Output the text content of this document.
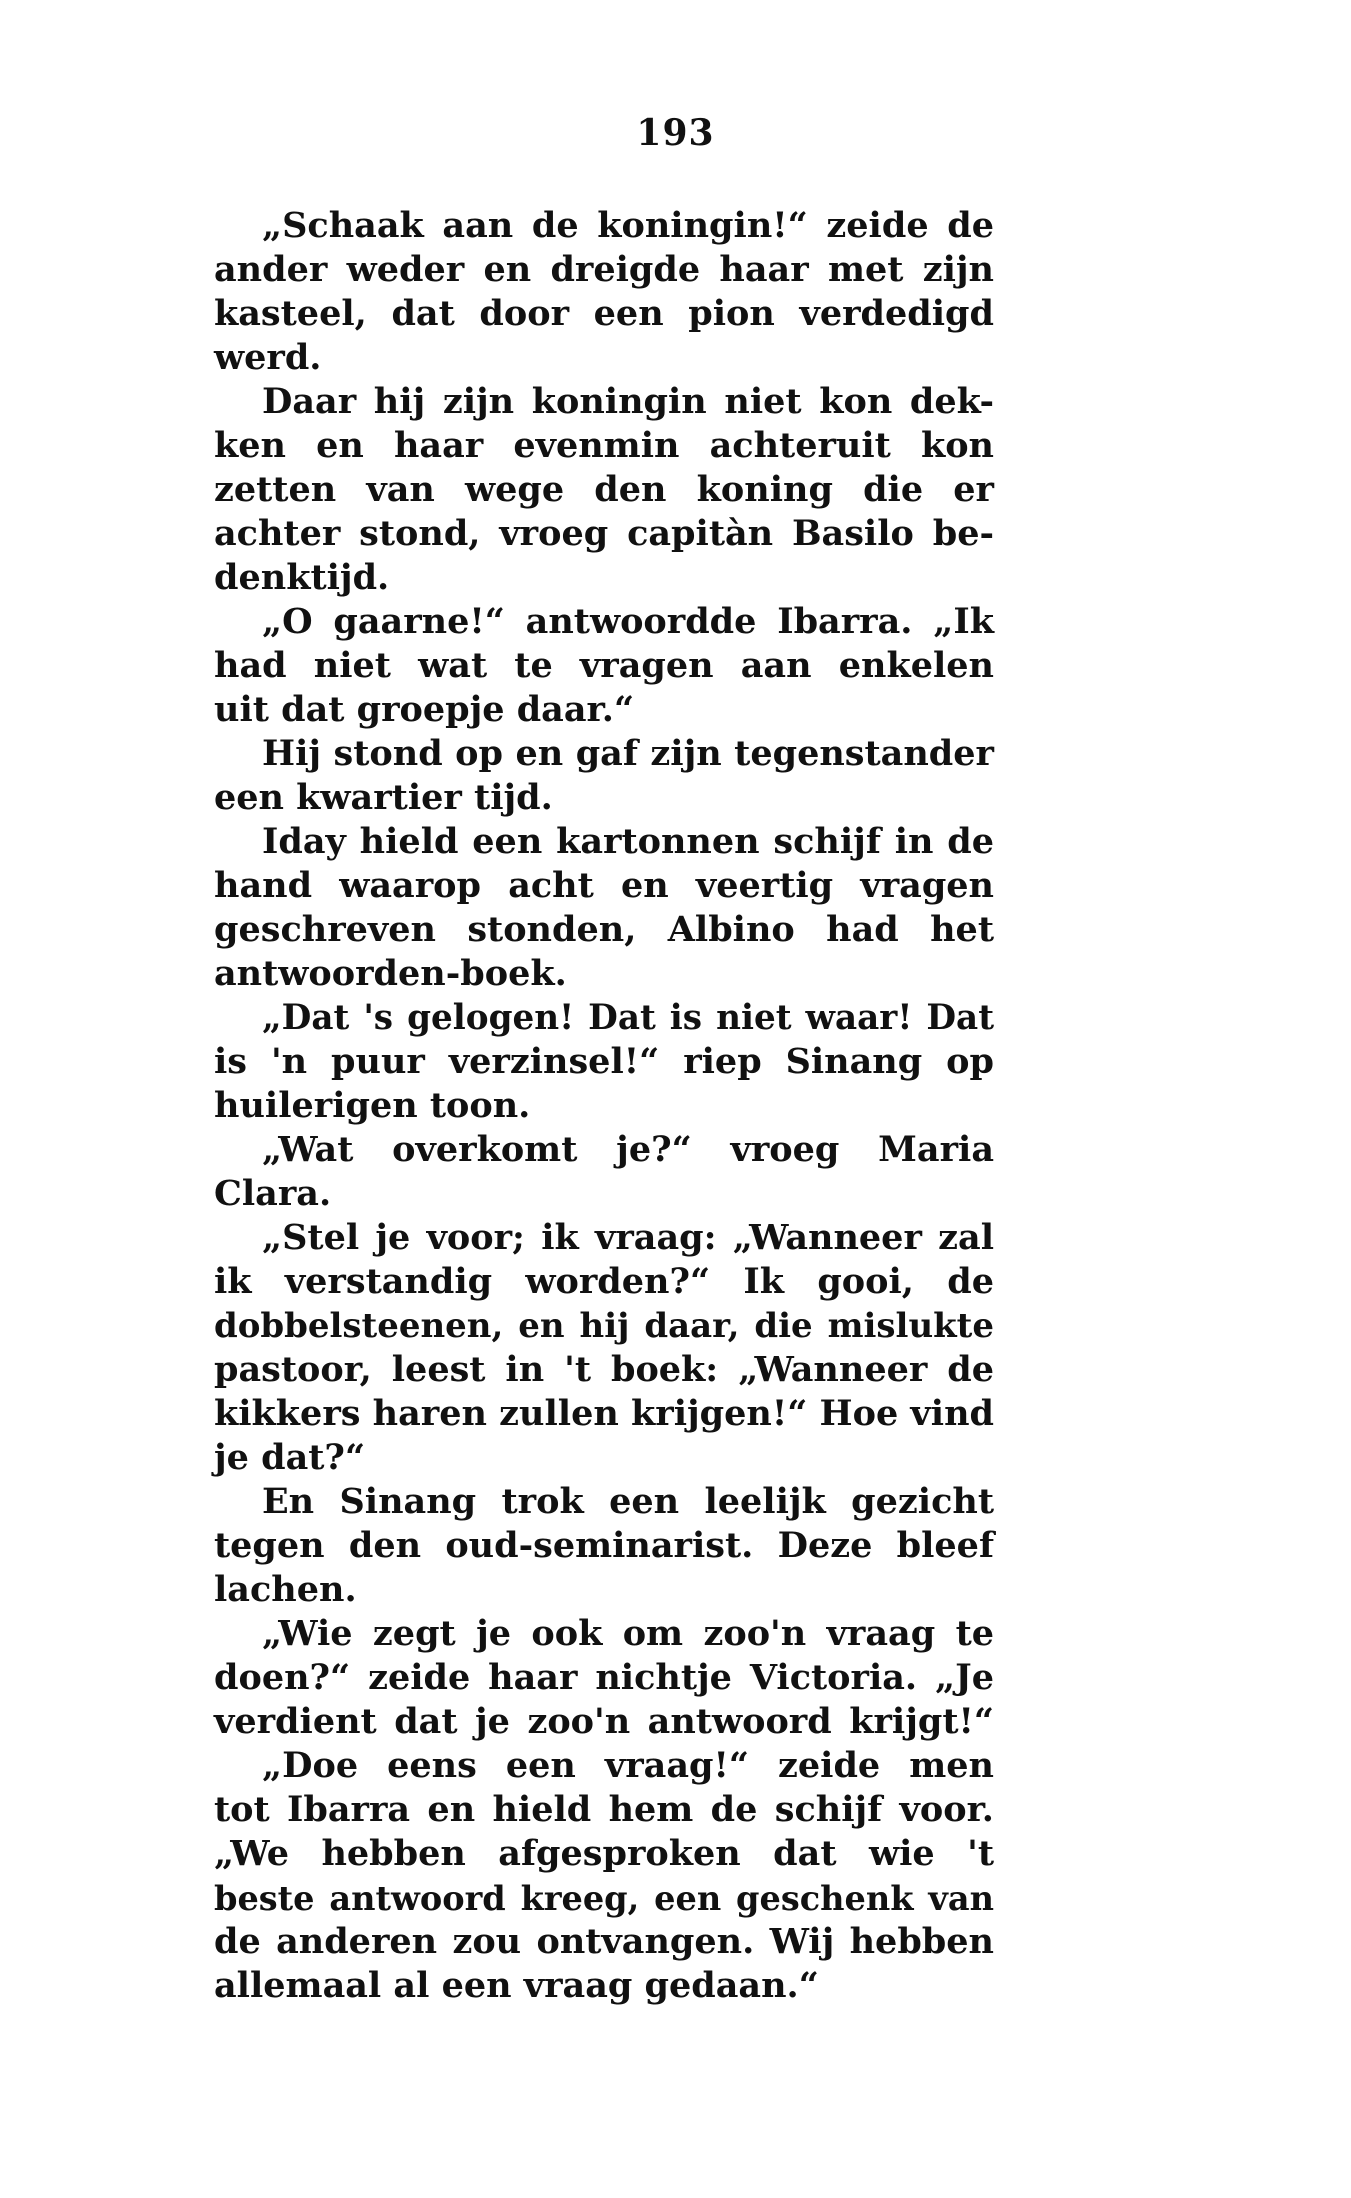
193
„Schaak aan de koningin!“ zeide de
ander weder en dreigde haar met zijn
kasteel, dat door een pion verdedigd
werd.
Daar hij zijn koningin niet kon dek-
ken en haar evenmin achteruit kon
zetten van wege den koning die er
achter stond, vroeg capitàn Basilo be-
denktijd.
„O gaarne!“ antwoordde Ibarra. „Ik
had niet wat te vragen aan enkelen
uit dat groepje daar.“
Hij stond op en gaf zijn tegenstander
een kwartier tijd.
Iday hield een kartonnen schijf in de
hand waarop acht en veertig vragen
geschreven stonden, Albino had het
antwoorden-boek.
„Dat 's gelogen! Dat is niet waar! Dat
is 'n puur verzinsel!“ riep Sinang op
huilerigen toon.
„Wat overkomt je?“ vroeg Maria
Clara.
„Stel je voor; ik vraag: „Wanneer zal
ik verstandig worden?“ Ik gooi, de
dobbelsteenen, en hij daar, die mislukte
pastoor, leest in 't boek: „Wanneer de
kikkers haren zullen krijgen!“ Hoe vind
je dat?“
En Sinang trok een leelijk gezicht
tegen den oud-seminarist. Deze bleef
lachen.
„Wie zegt je ook om zoo'n vraag te
doen?“ zeide haar nichtje Victoria. „Je
verdient dat je zoo'n antwoord krijgt!“
„Doe eens een vraag!“ zeide men
tot Ibarra en hield hem de schijf voor.
„We hebben afgesproken dat wie 't
beste antwoord kreeg, een geschenk van
de anderen zou ontvangen. Wij hebben
allemaal al een vraag gedaan.“
